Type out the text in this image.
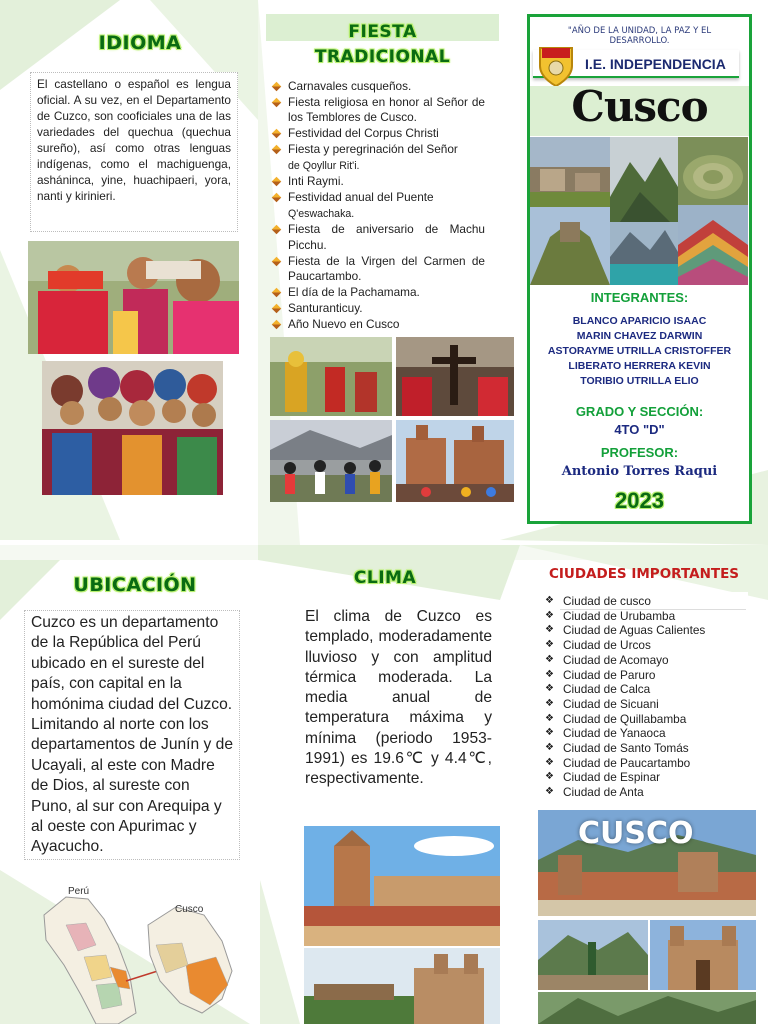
IDIOMA
El castellano o español es lengua oficial. A su vez, en el Departamento de Cuzco, son cooficiales una de las variedades del quechua (quechua sureño), así como otras lenguas indígenas, como el machiguenga, asháninca, yine, huachipaeri, yora, nanti y kirinieri.
FIESTA
TRADICIONAL
Carnavales cusqueños.
Fiesta religiosa en honor al Señor de los Temblores de Cusco.
Festividad del Corpus Christi
Fiesta y peregrinación del Señor
de Qoyllur Rit'i.
Inti Raymi.
Festividad anual del Puente
Q'eswachaka.
Fiesta de aniversario de Machu Picchu.
Fiesta de la Virgen del Carmen de Paucartambo.
El día de la Pachamama.
Santuranticuy.
Año Nuevo en Cusco
"AÑO DE LA UNIDAD, LA PAZ Y EL DESARROLLO.
I.E. INDEPENDENCIA
Cusco
INTEGRANTES:
BLANCO APARICIO ISAAC
MARIN CHAVEZ DARWIN
ASTORAYME UTRILLA CRISTOFFER
LIBERATO HERRERA KEVIN
TORIBIO UTRILLA ELIO
GRADO Y SECCIÓN:
4TO "D"
PROFESOR:
Antonio Torres Raqui
2023
UBICACIÓN
Cuzco es un departamento de la República del Perú ubicado en el sureste del país, con capital en la homónima ciudad del Cuzco. Limitando al norte con los departamentos de Junín y de Ucayali, al este con Madre de Dios, al sureste con Puno, al sur con Arequipa y al oeste con Apurimac y Ayacucho.
Perú
Cusco
CLIMA
El clima de Cuzco es templado, moderadamente lluvioso y con amplitud térmica moderada. La media anual de temperatura máxima y mínima (periodo 1953-1991) es 19.6℃ y 4.4℃, respectivamente.
CIUDADES IMPORTANTES
❖ Ciudad de cusco
❖ Ciudad de Urubamba
❖ Ciudad de Aguas Calientes
❖ Ciudad de Urcos
❖ Ciudad de Acomayo
❖ Ciudad de Paruro
❖ Ciudad de Calca
❖ Ciudad de Sicuani
❖ Ciudad de Quillabamba
❖ Ciudad de Yanaoca
❖ Ciudad de Santo Tomás
❖ Ciudad de Paucartambo
❖ Ciudad de Espinar
❖ Ciudad de Anta
CUSCO
